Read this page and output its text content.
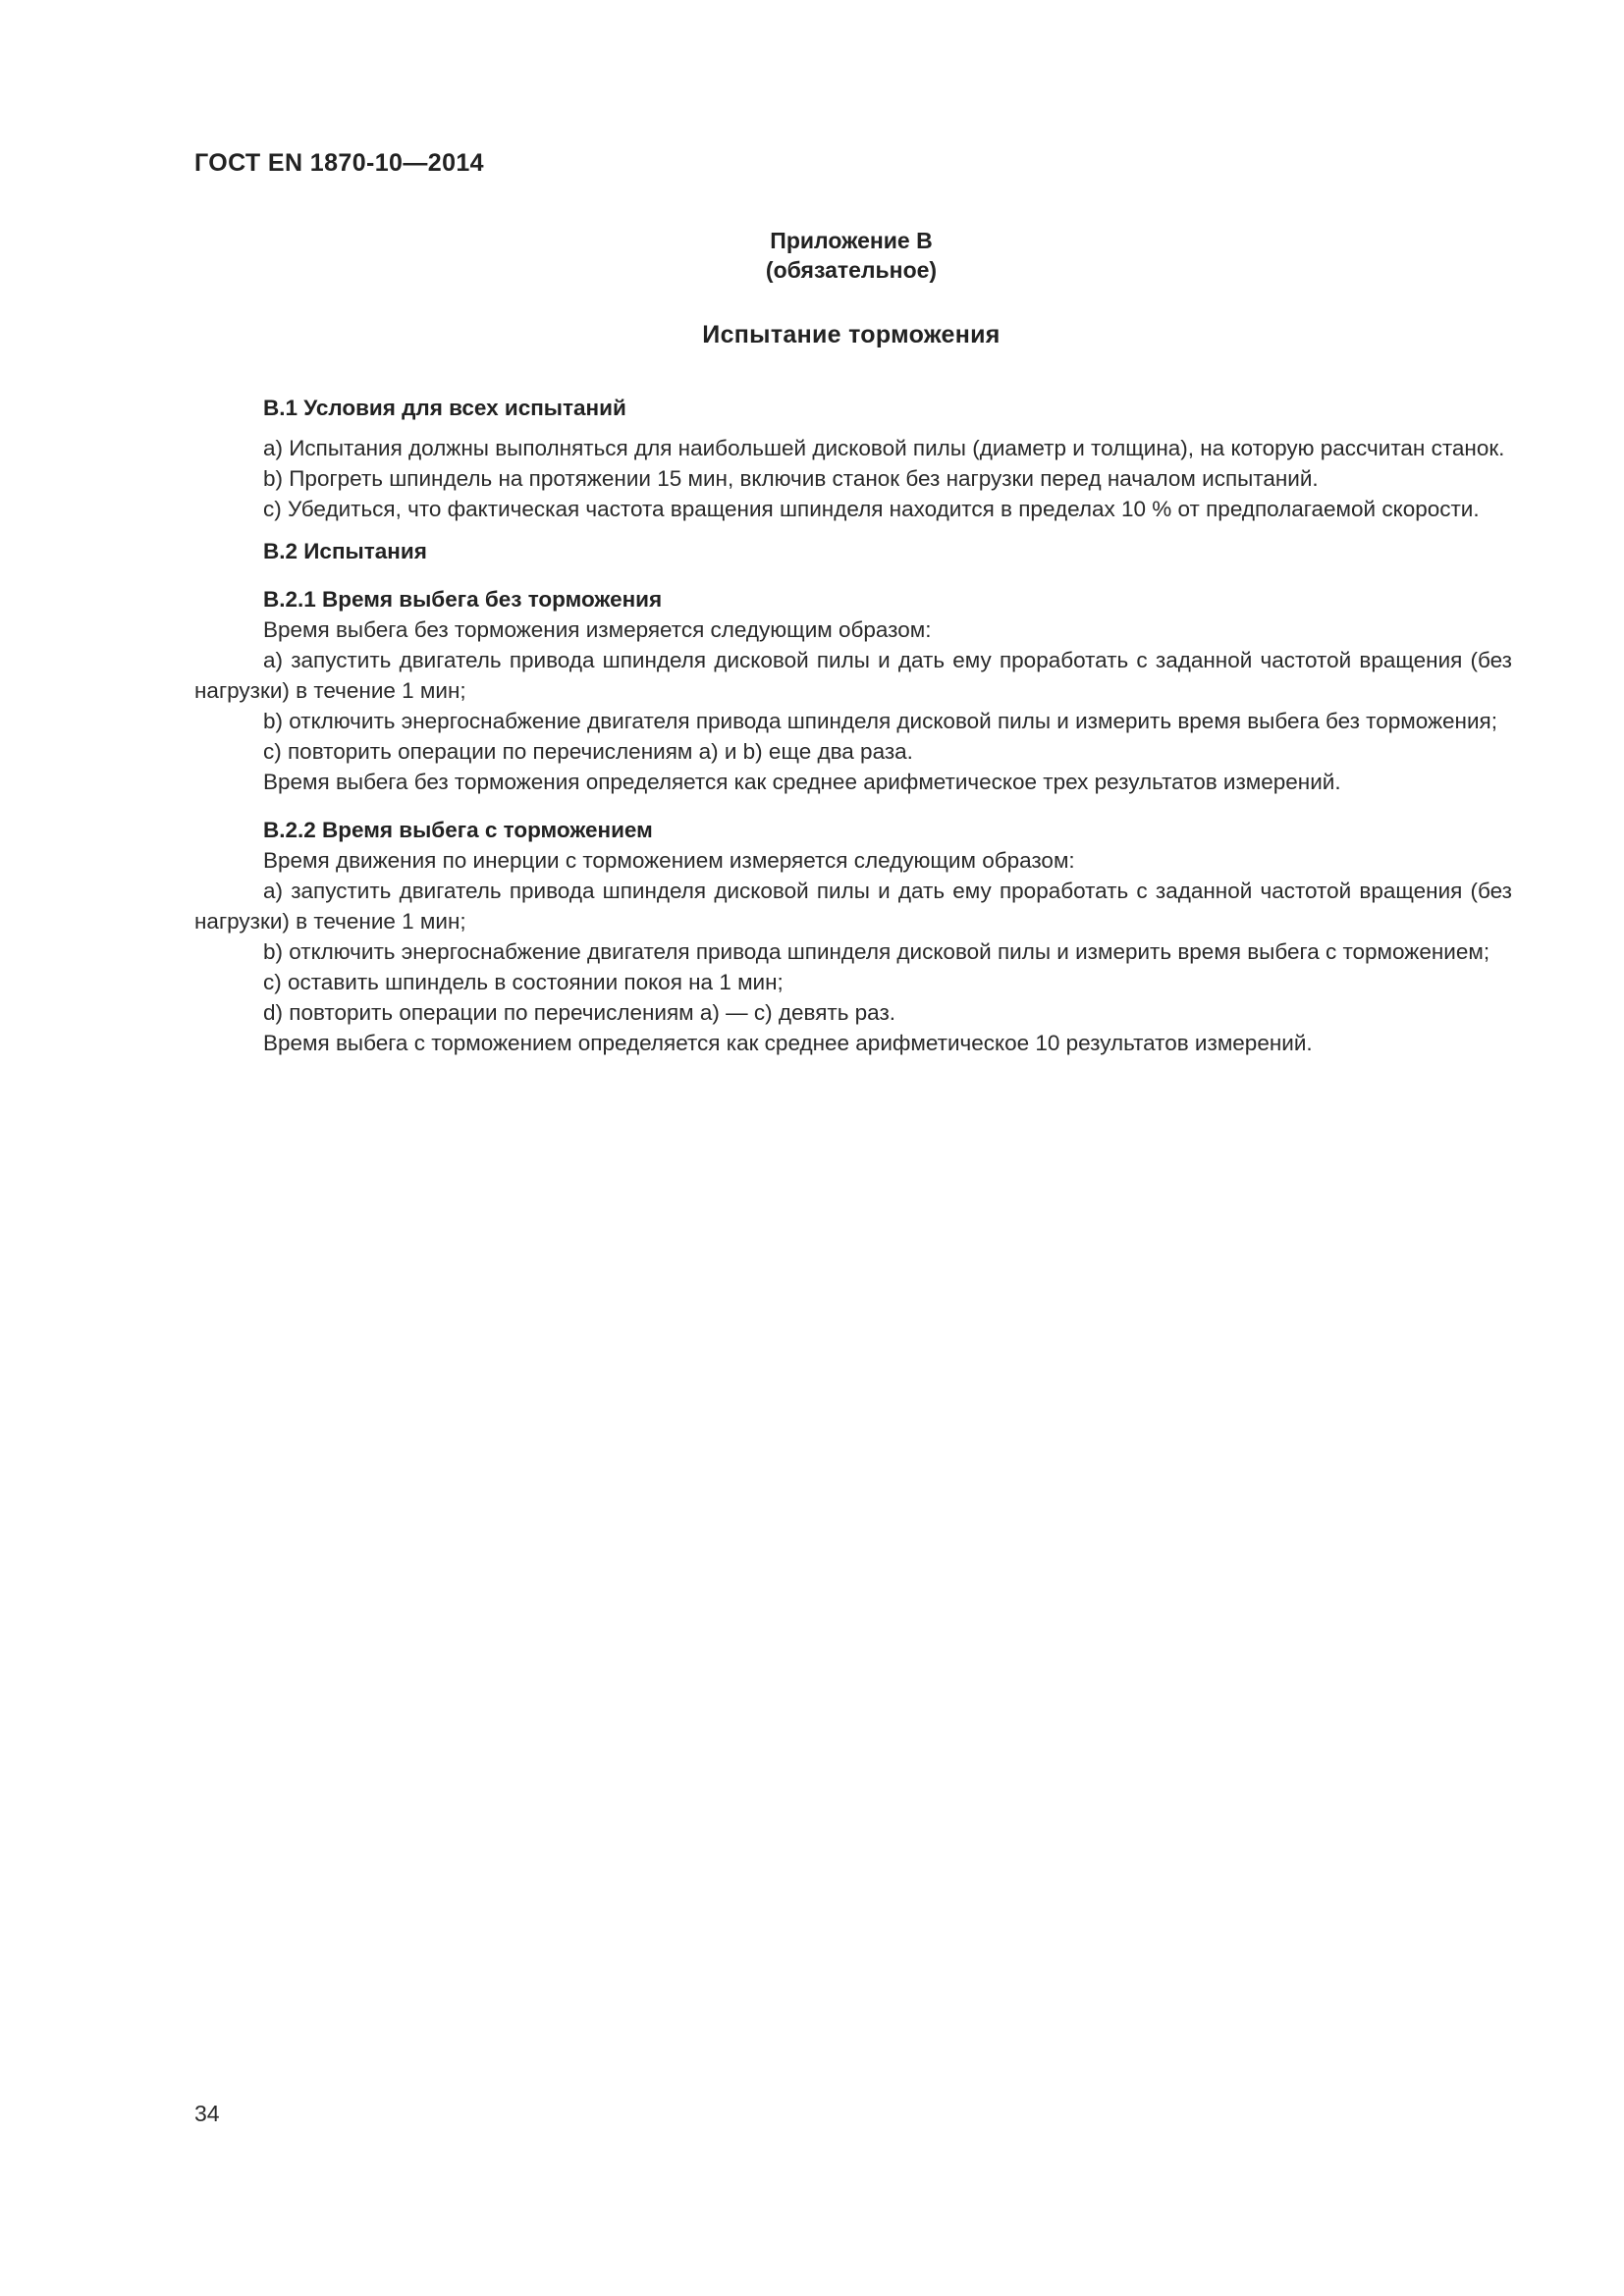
ГОСТ EN 1870-10—2014
Приложение В
(обязательное)
Испытание торможения
В.1 Условия для всех испытаний

а) Испытания должны выполняться для наибольшей дисковой пилы (диаметр и толщина), на которую рассчитан станок.

b) Прогреть шпиндель на протяжении 15 мин, включив станок без нагрузки перед началом испытаний.

с) Убедиться, что фактическая частота вращения шпинделя находится в пределах 10 % от предполагаемой скорости.

В.2 Испытания
В.2.1 Время выбега без торможения

Время выбега без торможения измеряется следующим образом:

а) запустить двигатель привода шпинделя дисковой пилы и дать ему проработать с заданной частотой вращения (без нагрузки) в течение 1 мин;

b) отключить энергоснабжение двигателя привода шпинделя дисковой пилы и измерить время выбега без торможения;

с) повторить операции по перечислениям а) и b) еще два раза.

Время выбега без торможения определяется как среднее арифметическое трех результатов измерений.

В.2.2 Время выбега с торможением

Время движения по инерции с торможением измеряется следующим образом:

а) запустить двигатель привода шпинделя дисковой пилы и дать ему проработать с заданной частотой вращения (без нагрузки) в течение 1 мин;

b) отключить энергоснабжение двигателя привода шпинделя дисковой пилы и измерить время выбега с торможением;

с) оставить шпиндель в состоянии покоя на 1 мин;

d) повторить операции по перечислениям а) — с) девять раз.

Время выбега с торможением определяется как среднее арифметическое 10 результатов измерений.

34
